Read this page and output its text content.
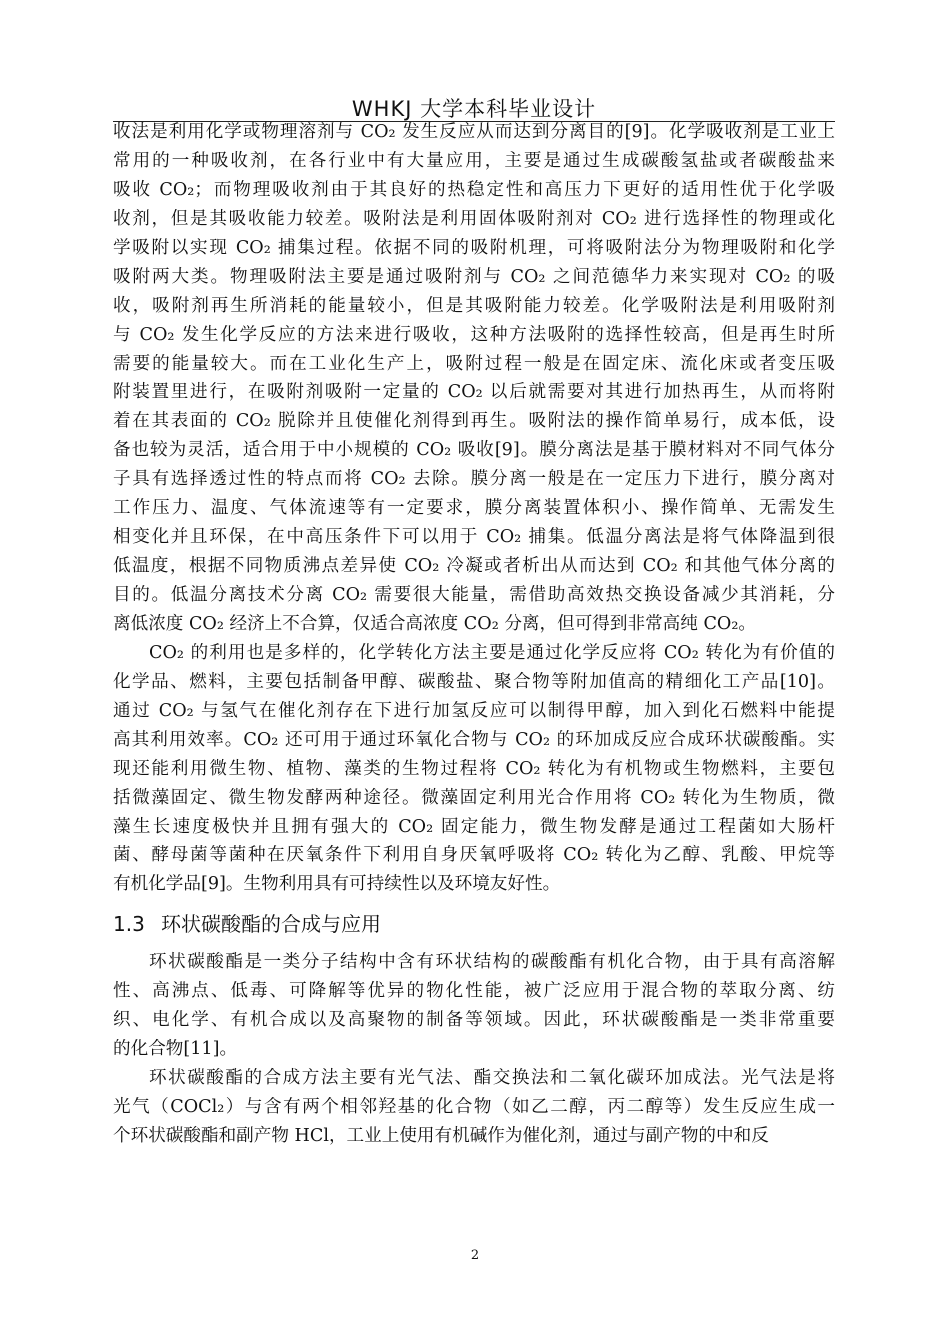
WHKJ 大学本科毕业设计
收法是利用化学或物理溶剂与 CO₂ 发生反应从而达到分离目的[9]。化学吸收剂是工业上
常用的一种吸收剂，在各行业中有大量应用，主要是通过生成碳酸氢盐或者碳酸盐来
吸收 CO₂；而物理吸收剂由于其良好的热稳定性和高压力下更好的适用性优于化学吸
收剂，但是其吸收能力较差。吸附法是利用固体吸附剂对 CO₂ 进行选择性的物理或化
学吸附以实现 CO₂ 捕集过程。依据不同的吸附机理，可将吸附法分为物理吸附和化学
吸附两大类。物理吸附法主要是通过吸附剂与 CO₂ 之间范德华力来实现对 CO₂ 的吸
收，吸附剂再生所消耗的能量较小，但是其吸附能力较差。化学吸附法是利用吸附剂
与 CO₂ 发生化学反应的方法来进行吸收，这种方法吸附的选择性较高，但是再生时所
需要的能量较大。而在工业化生产上，吸附过程一般是在固定床、流化床或者变压吸
附装置里进行，在吸附剂吸附一定量的 CO₂ 以后就需要对其进行加热再生，从而将附
着在其表面的 CO₂ 脱除并且使催化剂得到再生。吸附法的操作简单易行，成本低，设
备也较为灵活，适合用于中小规模的 CO₂ 吸收[9]。膜分离法是基于膜材料对不同气体分
子具有选择透过性的特点而将 CO₂ 去除。膜分离一般是在一定压力下进行，膜分离对
工作压力、温度、气体流速等有一定要求，膜分离装置体积小、操作简单、无需发生
相变化并且环保，在中高压条件下可以用于 CO₂ 捕集。低温分离法是将气体降温到很
低温度，根据不同物质沸点差异使 CO₂ 冷凝或者析出从而达到 CO₂ 和其他气体分离的
目的。低温分离技术分离 CO₂ 需要很大能量，需借助高效热交换设备减少其消耗，分
离低浓度 CO₂ 经济上不合算，仅适合高浓度 CO₂ 分离，但可得到非常高纯 CO₂。
CO₂ 的利用也是多样的，化学转化方法主要是通过化学反应将 CO₂ 转化为有价值的
化学品、燃料，主要包括制备甲醇、碳酸盐、聚合物等附加值高的精细化工产品[10]。
通过 CO₂ 与氢气在催化剂存在下进行加氢反应可以制得甲醇，加入到化石燃料中能提
高其利用效率。CO₂ 还可用于通过环氧化合物与 CO₂ 的环加成反应合成环状碳酸酯。实
现还能利用微生物、植物、藻类的生物过程将 CO₂ 转化为有机物或生物燃料，主要包
括微藻固定、微生物发酵两种途径。微藻固定利用光合作用将 CO₂ 转化为生物质，微
藻生长速度极快并且拥有强大的 CO₂ 固定能力，微生物发酵是通过工程菌如大肠杆
菌、酵母菌等菌种在厌氧条件下利用自身厌氧呼吸将 CO₂ 转化为乙醇、乳酸、甲烷等
有机化学品[9]。生物利用具有可持续性以及环境友好性。
1.3 环状碳酸酯的合成与应用
环状碳酸酯是一类分子结构中含有环状结构的碳酸酯有机化合物，由于具有高溶解
性、高沸点、低毒、可降解等优异的物化性能，被广泛应用于混合物的萃取分离、纺
织、电化学、有机合成以及高聚物的制备等领域。因此，环状碳酸酯是一类非常重要
的化合物[11]。
环状碳酸酯的合成方法主要有光气法、酯交换法和二氧化碳环加成法。光气法是将
光气（COCl₂）与含有两个相邻羟基的化合物（如乙二醇，丙二醇等）发生反应生成一
个环状碳酸酯和副产物 HCl，工业上使用有机碱作为催化剂，通过与副产物的中和反
2
